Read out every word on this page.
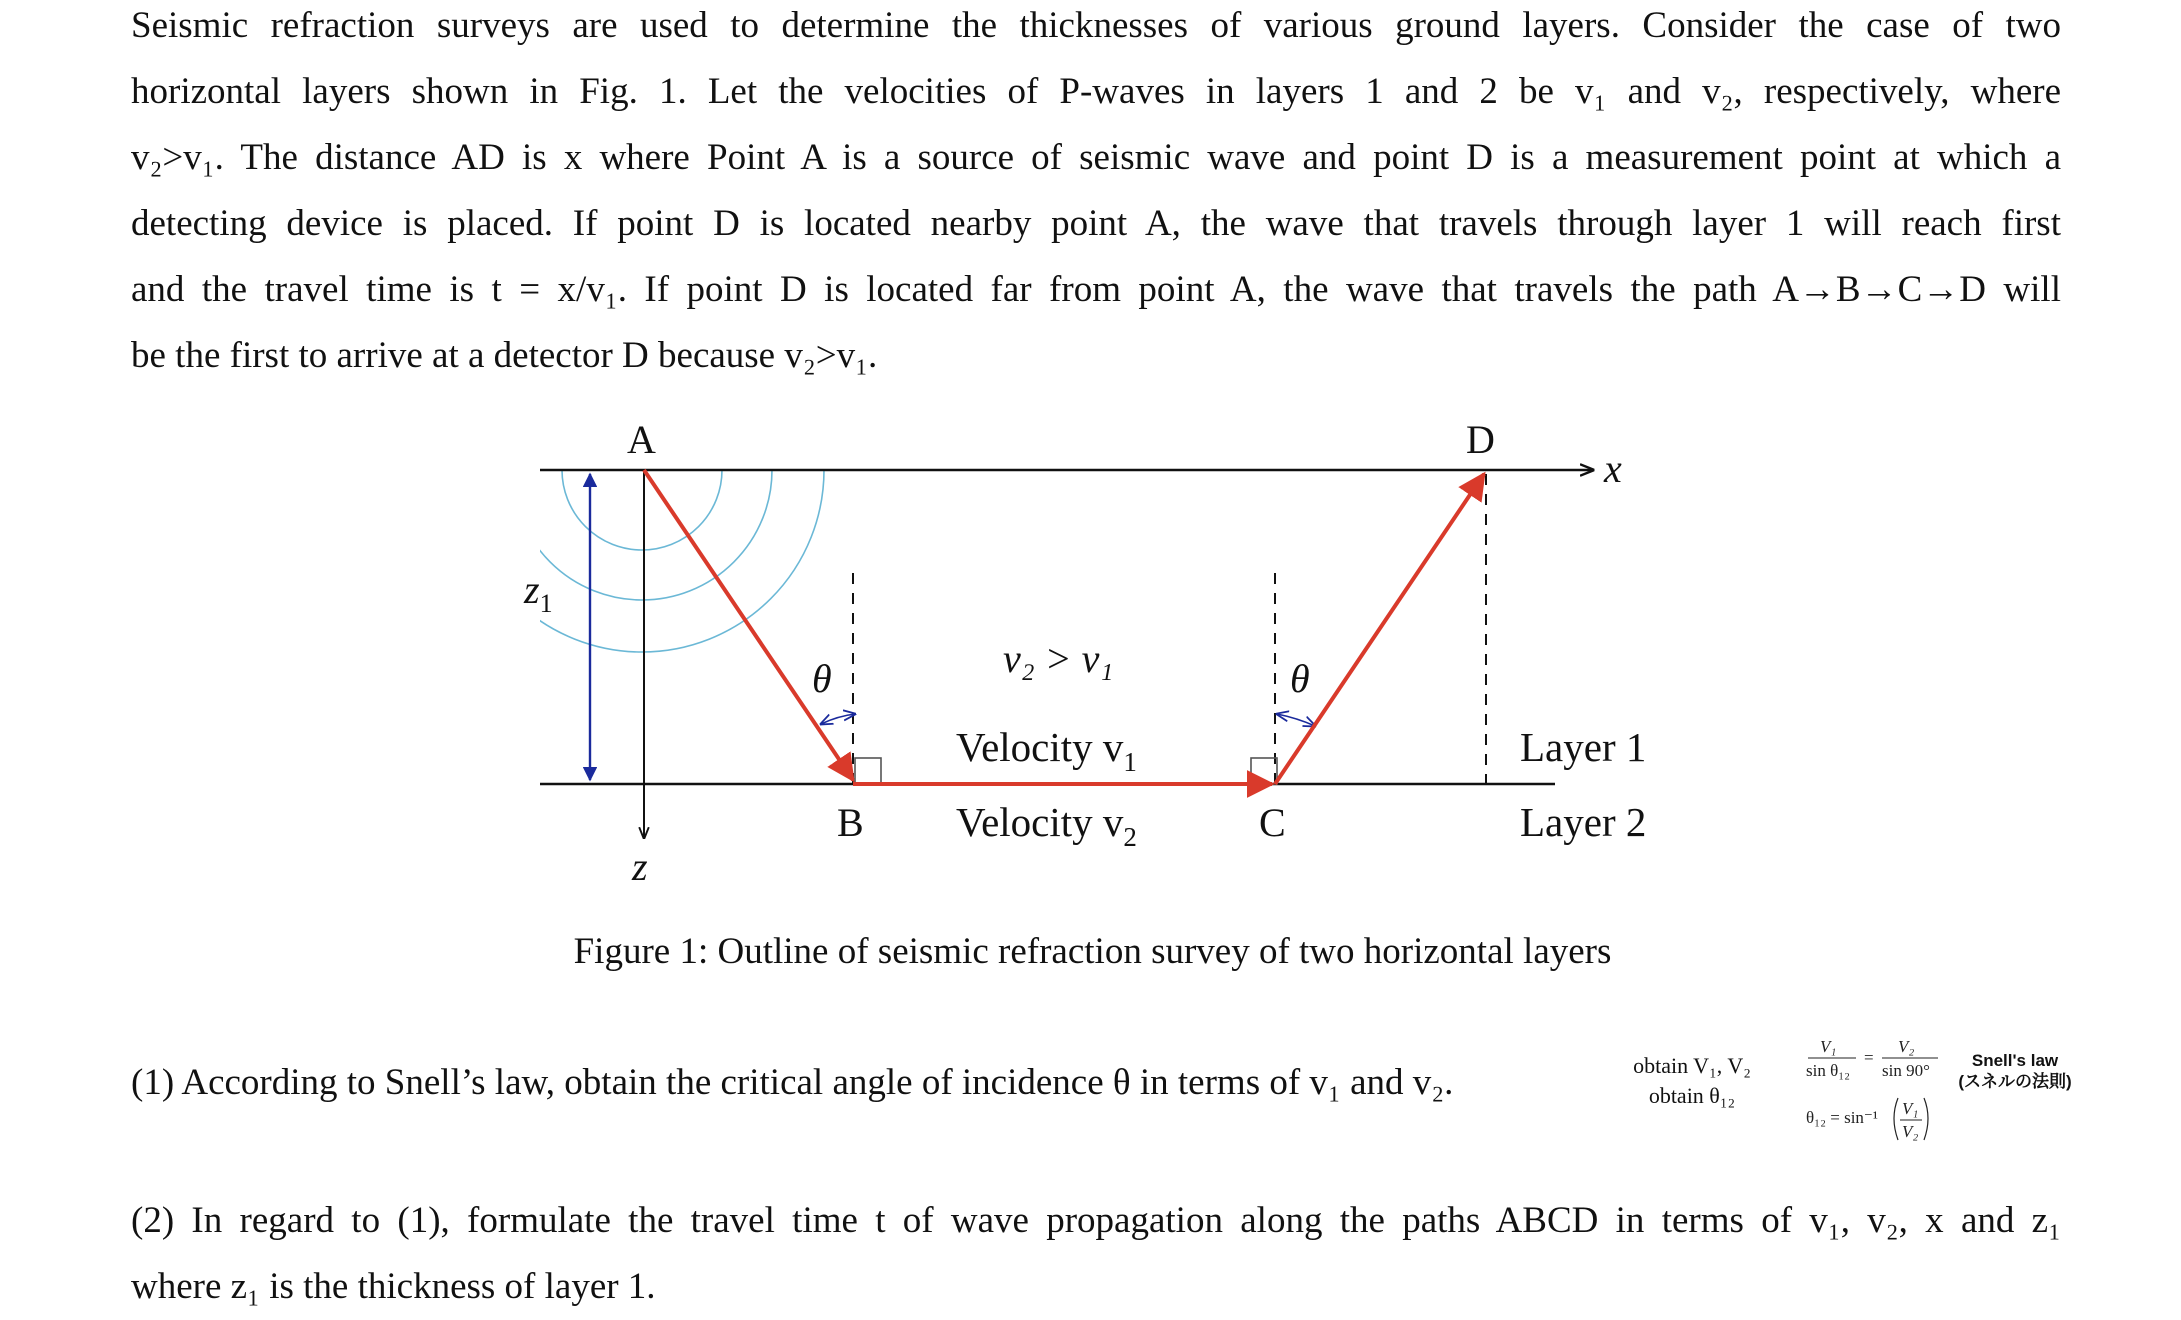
Seismic refraction surveys are used to determine the thicknesses of various ground layers. Consider the case of two
horizontal layers shown in Fig. 1. Let the velocities of P-waves in layers 1 and 2 be v₁ and v₂, respectively, where
v₂>v₁. The distance AD is x where Point A is a source of seismic wave and point D is a measurement point at which a
detecting device is placed. If point D is located nearby point A, the wave that travels through layer 1 will reach first
and the travel time is t = x/v₁. If point D is located far from point A, the wave that travels the path A→B→C→D will
be the first to arrive at a detector D because v₂>v₁.
A	D
x
z
$z_1$
θ	θ
v₂ > v₁
Velocity $v_1$
Velocity $v_2$
B	C
Layer 1
Layer 2
Figure 1: Outline of seismic refraction survey of two horizontal layers
(1) According to Snell’s law, obtain the critical angle of incidence θ in terms of v₁ and v₂.	obtain V₁, V₂
obtain θ₁₂
V₁
sin θ₁₂
=
V₂
sin 90°
θ₁₂ = sin⁻¹ V₁
V₂
Snell's law
(スネルの法則)
(2) In regard to (1), formulate the travel time t of wave propagation along the paths ABCD in terms of v₁, v₂, x and z₁
where z₁ is the thickness of layer 1.
